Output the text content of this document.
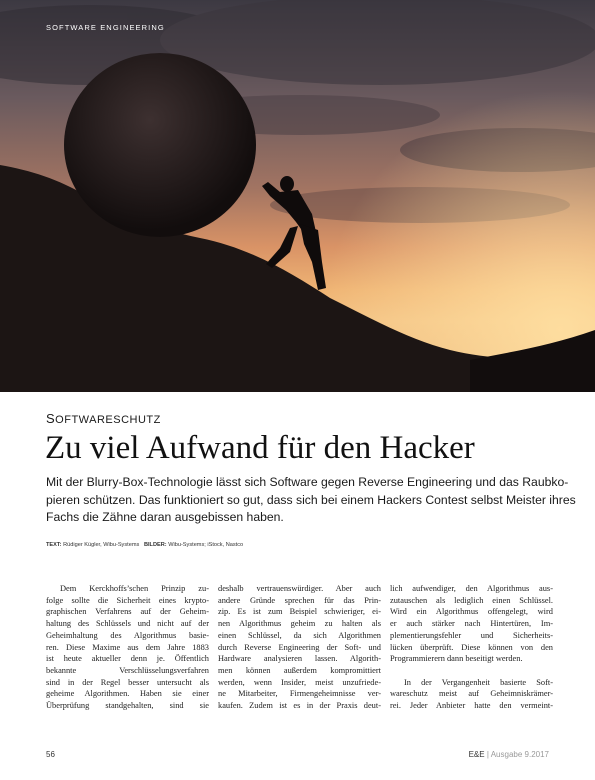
SOFTWARE ENGINEERING
SOFTWARESCHUTZ
Zu viel Aufwand für den Hacker
Mit der Blurry-Box-Technologie lässt sich Software gegen Reverse Engineering und das Raubko-
pieren schützen. Das funktioniert so gut, dass sich bei einem Hackers Contest selbst Meister ihres
Fachs die Zähne daran ausgebissen haben.
TEXT: Rüdiger Kügler, Wibu-Systems BILDER: Wibu-Systems; iStock, Nastco
Dem Kerckhoffs’schen Prinzip zu-
folge sollte die Sicherheit eines krypto-
graphischen Verfahrens auf der Geheim-
haltung des Schlüssels und nicht auf der
Geheimhaltung des Algorithmus basie-
ren. Diese Maxime aus dem Jahre 1883
ist heute aktueller denn je. Öffentlich
bekannte Verschlüsselungsverfahren
sind in der Regel besser untersucht als
geheime Algorithmen. Haben sie einer
Überprüfung standgehalten, sind sie
deshalb vertrauenswürdiger. Aber auch
andere Gründe sprechen für das Prin-
zip. Es ist zum Beispiel schwieriger, ei-
nen Algorithmus geheim zu halten als
einen Schlüssel, da sich Algorithmen
durch Reverse Engineering der Soft- und
Hardware analysieren lassen. Algorith-
men können außerdem kompromittiert
werden, wenn Insider, meist unzufriede-
ne Mitarbeiter, Firmengeheimnisse ver-
kaufen. Zudem ist es in der Praxis deut-
lich aufwendiger, den Algorithmus aus-
zutauschen als lediglich einen Schlüssel.
Wird ein Algorithmus offengelegt, wird
er auch stärker nach Hintertüren, Im-
plementierungsfehler und Sicherheits-
lücken überprüft. Diese können von den
Programmierern dann beseitigt werden.
In der Vergangenheit basierte Soft-
wareschutz meist auf Geheimniskrämer-
rei. Jeder Anbieter hatte den vermeint-
56	E&E | Ausgabe 9.2017
